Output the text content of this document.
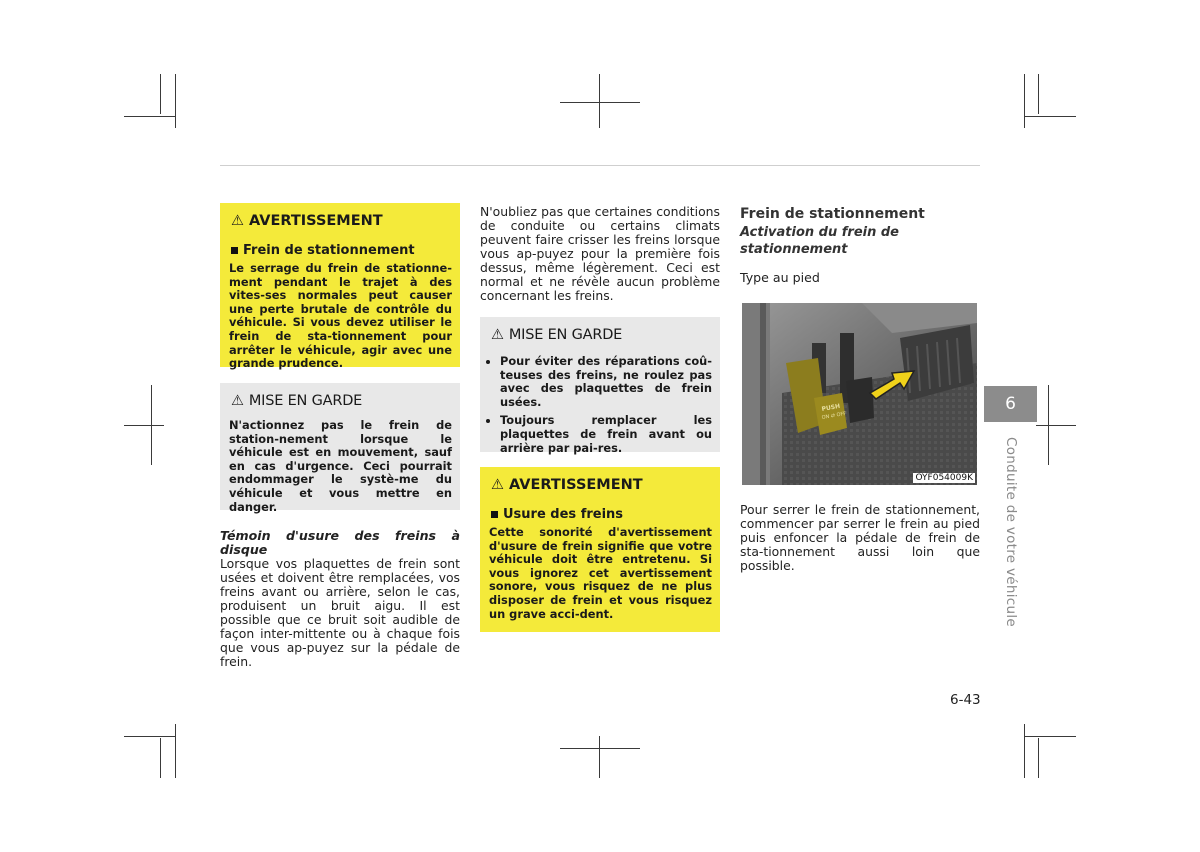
⚠ AVERTISSEMENT
Frein de stationnement
Le serrage du frein de stationne-ment pendant le trajet à des vites-ses normales peut causer une perte brutale de contrôle du véhicule. Si vous devez utiliser le frein de sta-tionnement pour arrêter le véhicule, agir avec une grande prudence.
⚠ MISE EN GARDE
N'actionnez pas le frein de station-nement lorsque le véhicule est en mouvement, sauf en cas d'urgence. Ceci pourrait endommager le systè-me du véhicule et vous mettre en danger.
Témoin d'usure des freins à disque
Lorsque vos plaquettes de frein sont usées et doivent être remplacées, vos freins avant ou arrière, selon le cas, produisent un bruit aigu. Il est possible que ce bruit soit audible de façon inter-mittente ou à chaque fois que vous ap-puyez sur la pédale de frein.
N'oubliez pas que certaines conditions de conduite ou certains climats peuvent faire crisser les freins lorsque vous ap-puyez pour la première fois dessus, même légèrement. Ceci est normal et ne révèle aucun problème concernant les freins.
⚠ MISE EN GARDE
• Pour éviter des réparations coû-teuses des freins, ne roulez pas avec des plaquettes de frein usées.
• Toujours remplacer les plaquettes de frein avant ou arrière par pai-res.
⚠ AVERTISSEMENT
Usure des freins
Cette sonorité d'avertissement d'usure de frein signifie que votre véhicule doit être entretenu. Si vous ignorez cet avertissement sonore, vous risquez de ne plus disposer de frein et vous risquez un grave acci-dent.
Frein de stationnement
Activation du frein de stationnement
Type au pied
PUSH
ON ⇄ OFF
OYF054009K
Pour serrer le frein de stationnement, commencer par serrer le frein au pied puis enfoncer la pédale de frein de sta-tionnement aussi loin que possible.
6
Conduite de votre véhicule
6-43
